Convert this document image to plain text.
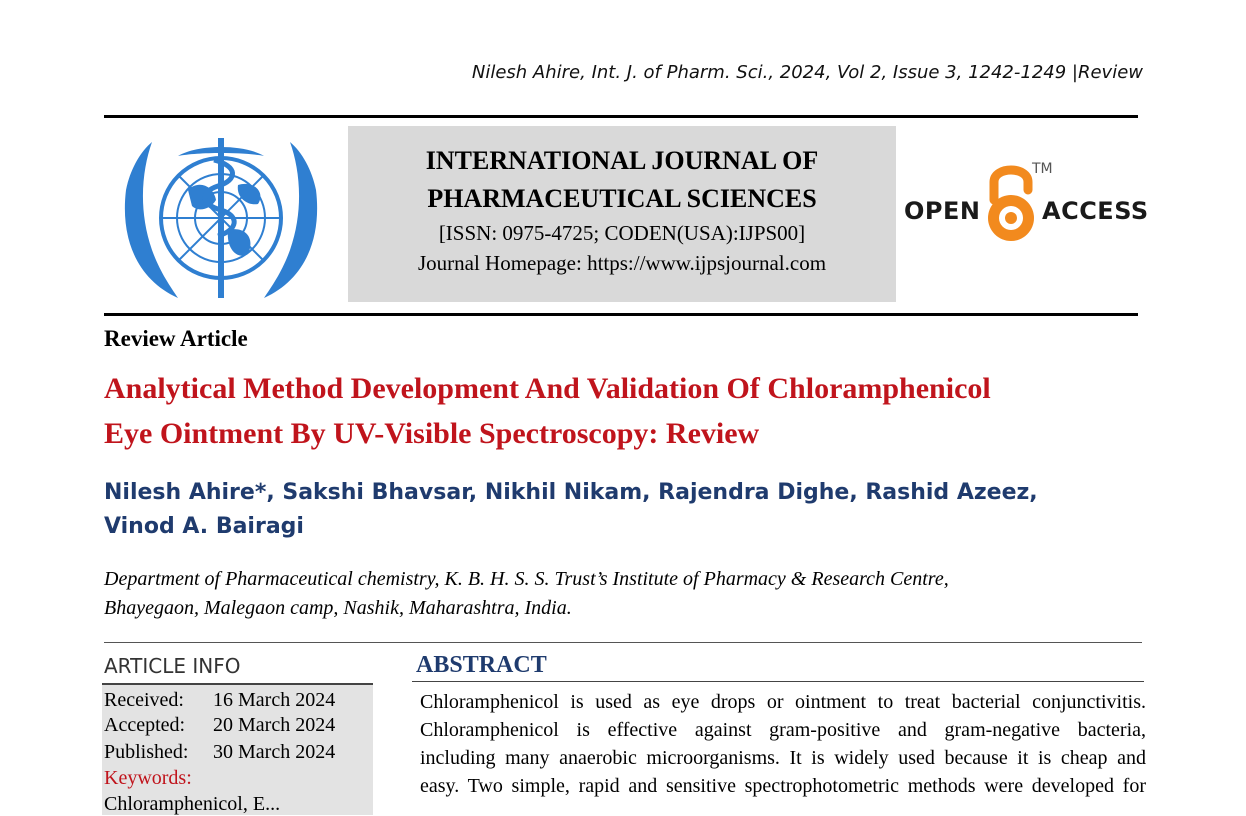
Nilesh Ahire, Int. J. of Pharm. Sci., 2024, Vol 2, Issue 3, 1242-1249 |Review
INTERNATIONAL JOURNAL OF
PHARMACEUTICAL SCIENCES
[ISSN: 0975-4725; CODEN(USA):IJPS00]
Journal Homepage: https://www.ijpsjournal.com
OPEN
TM
ACCESS
Review Article
Analytical Method Development And Validation Of Chloramphenicol
Eye Ointment By UV-Visible Spectroscopy: Review
Nilesh Ahire*, Sakshi Bhavsar, Nikhil Nikam, Rajendra Dighe, Rashid Azeez,
Vinod A. Bairagi
Department of Pharmaceutical chemistry, K. B. H. S. S. Trust’s Institute of Pharmacy & Research Centre,
Bhayegaon, Malegaon camp, Nashik, Maharashtra, India.
ARTICLE INFO
Received: 16 March 2024
Accepted: 20 March 2024
Published: 30 March 2024
Keywords:
Chloramphenicol, E...
ABSTRACT
Chloramphenicol is used as eye drops or ointment to treat bacterial conjunctivitis.
Chloramphenicol is effective against gram-positive and gram-negative bacteria,
including many anaerobic microorganisms. It is widely used because it is cheap and
easy. Two simple, rapid and sensitive spectrophotometric methods were developed for
